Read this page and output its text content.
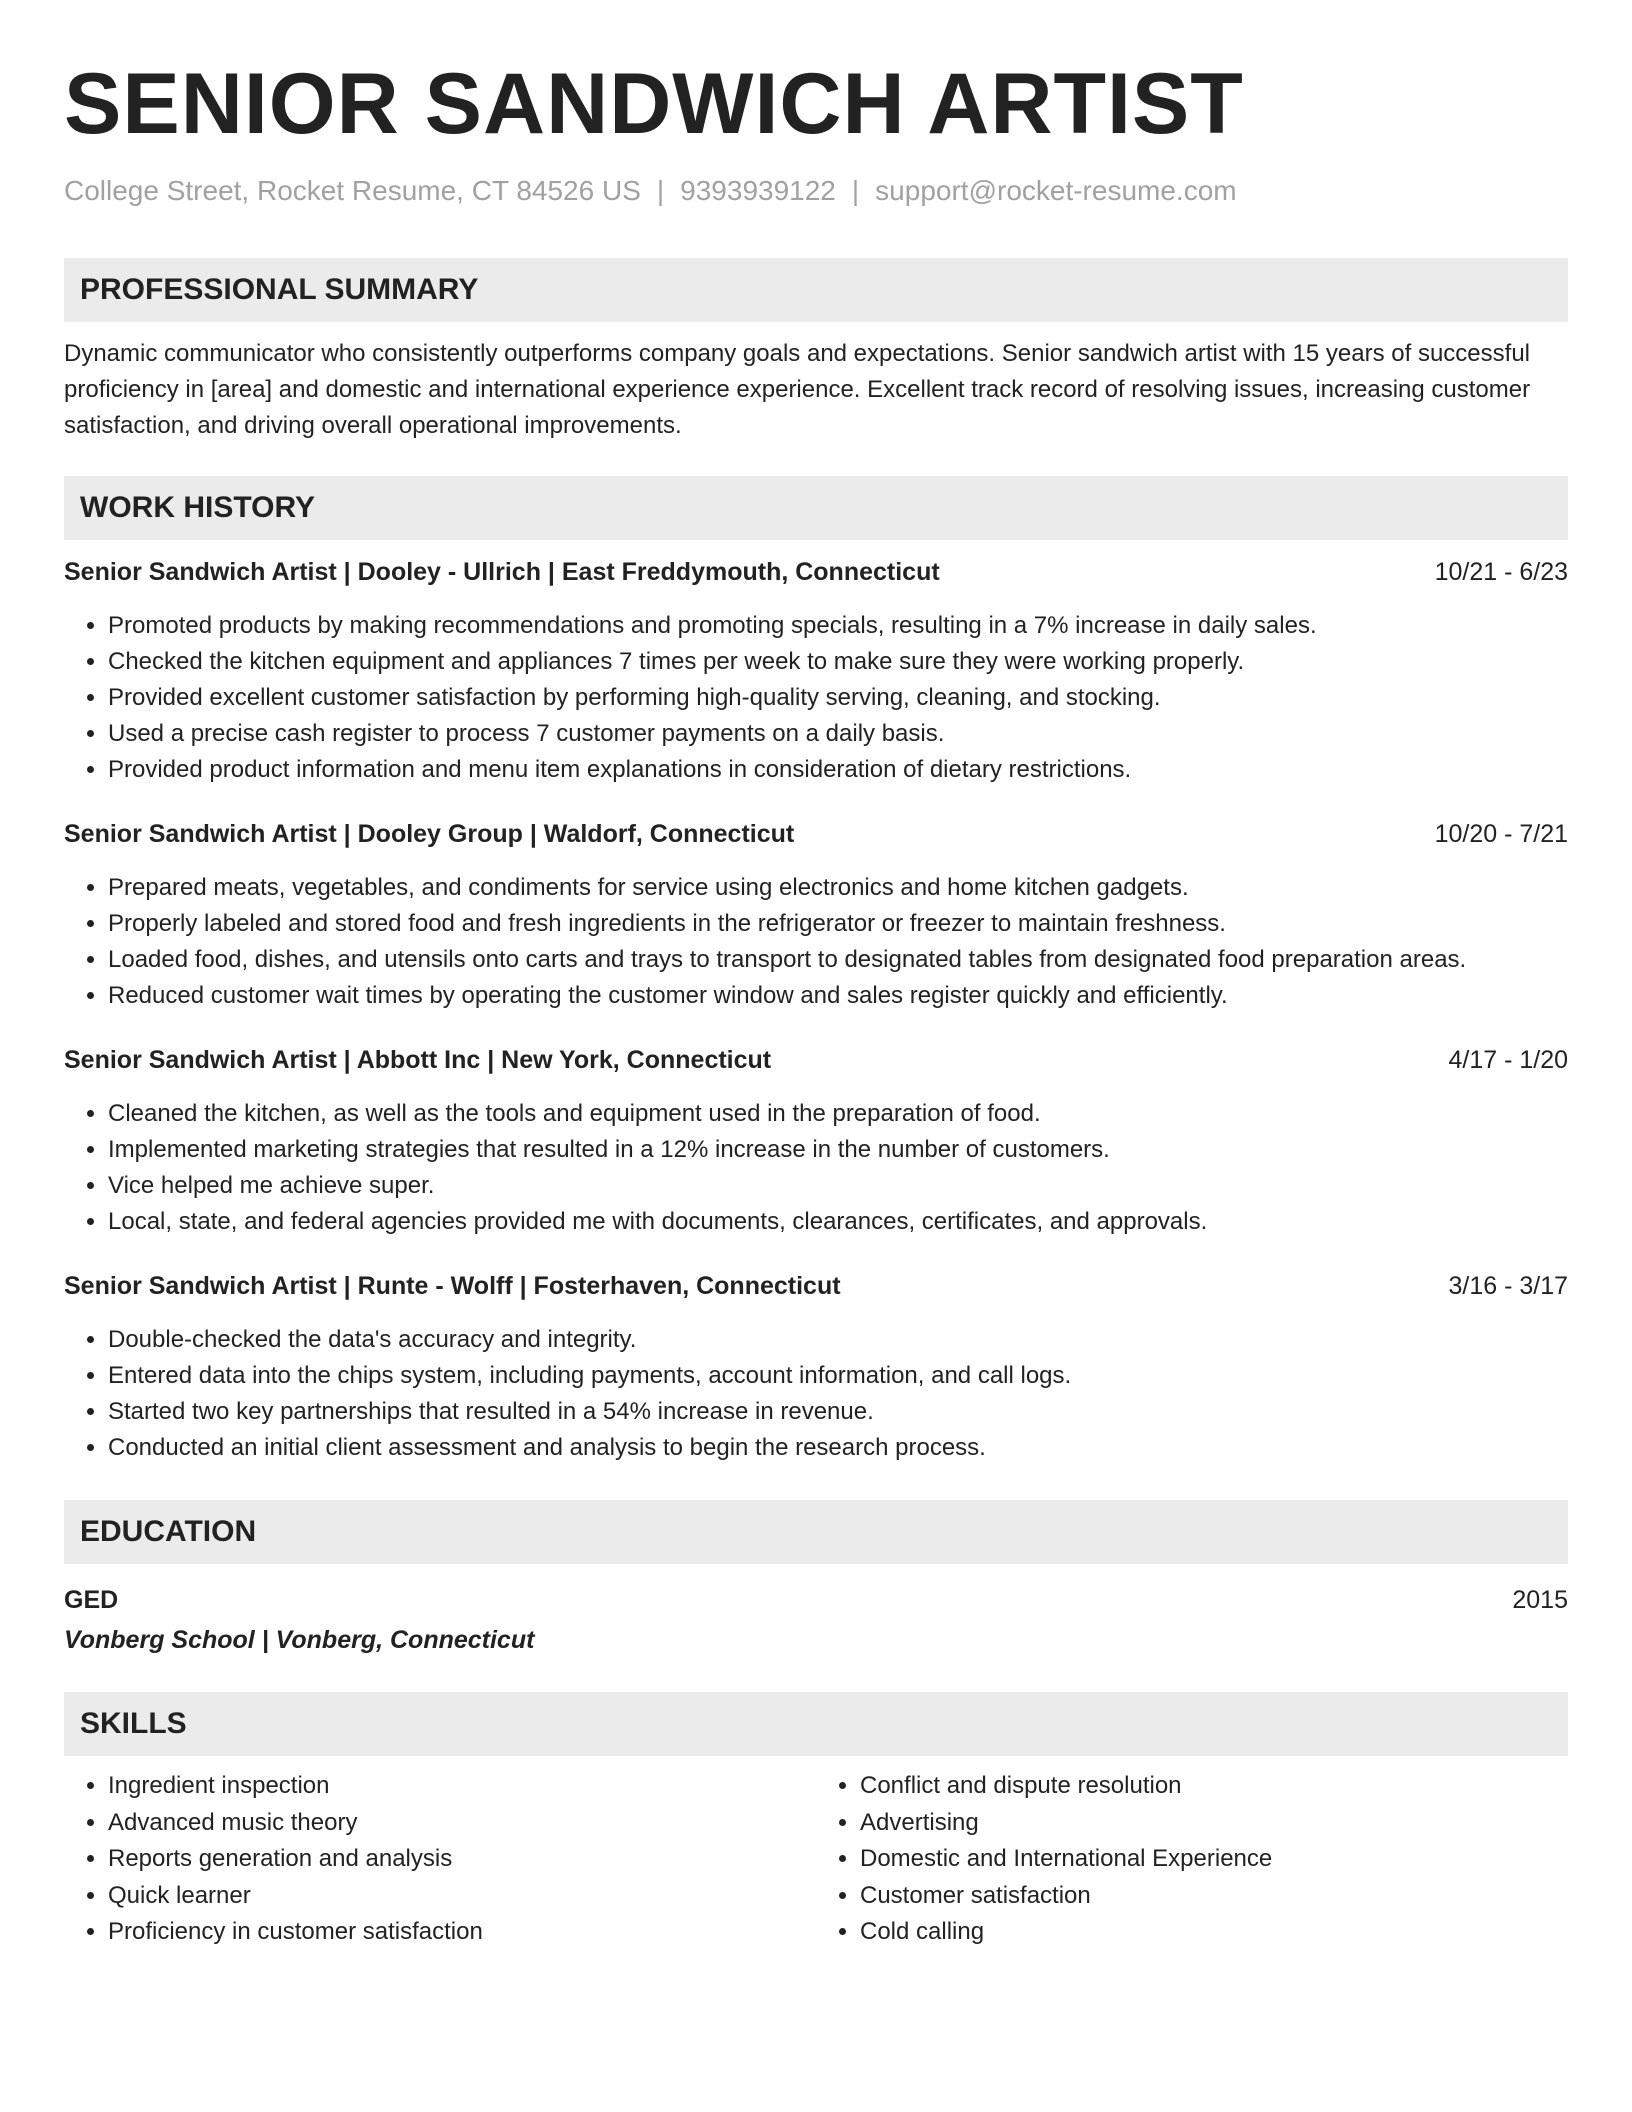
SENIOR SANDWICH ARTIST
College Street, Rocket Resume, CT 84526 US | 9393939122 | support@rocket-resume.com
PROFESSIONAL SUMMARY
Dynamic communicator who consistently outperforms company goals and expectations. Senior sandwich artist with 15 years of successful proficiency in [area] and domestic and international experience experience. Excellent track record of resolving issues, increasing customer satisfaction, and driving overall operational improvements.
WORK HISTORY
Senior Sandwich Artist | Dooley - Ullrich | East Freddymouth, Connecticut	10/21 - 6/23
• Promoted products by making recommendations and promoting specials, resulting in a 7% increase in daily sales.
• Checked the kitchen equipment and appliances 7 times per week to make sure they were working properly.
• Provided excellent customer satisfaction by performing high-quality serving, cleaning, and stocking.
• Used a precise cash register to process 7 customer payments on a daily basis.
• Provided product information and menu item explanations in consideration of dietary restrictions.
Senior Sandwich Artist | Dooley Group | Waldorf, Connecticut	10/20 - 7/21
• Prepared meats, vegetables, and condiments for service using electronics and home kitchen gadgets.
• Properly labeled and stored food and fresh ingredients in the refrigerator or freezer to maintain freshness.
• Loaded food, dishes, and utensils onto carts and trays to transport to designated tables from designated food preparation areas.
• Reduced customer wait times by operating the customer window and sales register quickly and efficiently.
Senior Sandwich Artist | Abbott Inc | New York, Connecticut	4/17 - 1/20
• Cleaned the kitchen, as well as the tools and equipment used in the preparation of food.
• Implemented marketing strategies that resulted in a 12% increase in the number of customers.
• Vice helped me achieve super.
• Local, state, and federal agencies provided me with documents, clearances, certificates, and approvals.
Senior Sandwich Artist | Runte - Wolff | Fosterhaven, Connecticut	3/16 - 3/17
• Double-checked the data's accuracy and integrity.
• Entered data into the chips system, including payments, account information, and call logs.
• Started two key partnerships that resulted in a 54% increase in revenue.
• Conducted an initial client assessment and analysis to begin the research process.
EDUCATION
GED	2015
Vonberg School | Vonberg, Connecticut
SKILLS
• Ingredient inspection
• Advanced music theory
• Reports generation and analysis
• Quick learner
• Proficiency in customer satisfaction
• Conflict and dispute resolution
• Advertising
• Domestic and International Experience
• Customer satisfaction
• Cold calling
